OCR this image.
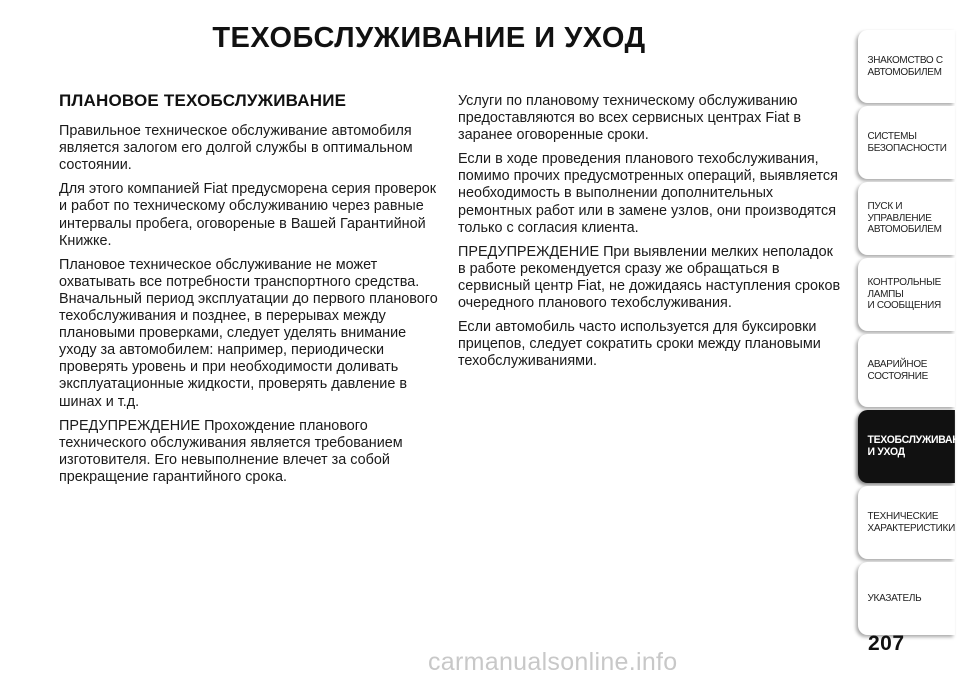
ТЕХОБСЛУЖИВАНИЕ И УХОД
ПЛАНОВОЕ ТЕХОБСЛУЖИВАНИЕ

Правильное техническое обслуживание автомобиля является залогом его долгой службы в оптимальном состоянии.

Для этого компанией Fiat предусморена серия проверок и работ по техническому обслуживанию через равные интервалы пробега, оговореные в Вашей Гарантийной Книжке.

Плановое техническое обслуживание не может охватывать все потребности транспортного средства. Вначальный период эксплуатации до первого планового техобслуживания и позднее, в перерывах между плановыми проверками, следует уделять внимание уходу за автомобилем: например, периодически проверять уровень и при необходимости доливать эксплуатационные жидкости, проверять давление в шинах и т.д.

ПРЕДУПРЕЖДЕНИЕ Прохождение планового технического обслуживания является требованием изготовителя. Его невыполнение влечет за собой прекращение гарантийного срока.

Услуги по плановому техническому обслуживанию предоставляются во всех сервисных центрах Fiat в заранее оговоренные сроки.

Если в ходе проведения планового техобслуживания, помимо прочих предусмотренных операций, выявляется необходимость в выполнении дополнительных ремонтных работ или в замене узлов, они производятся только с согласия клиента.

ПРЕДУПРЕЖДЕНИЕ При выявлении мелких неполадок в работе рекомендуется сразу же обращаться в сервисный центр Fiat, не дожидаясь наступления сроков очередного планового техобслуживания.

Если автомобиль часто используется для буксировки прицепов, следует сократить сроки между плановыми техобслуживаниями.

ЗНАКОМСТВО С
АВТОМОБИЛЕМ
СИСТЕМЫ
БЕЗОПАСНОСТИ
ПУСК И УПРАВЛЕНИЕ
АВТОМОБИЛЕМ
КОНТРОЛЬНЫЕ
ЛАМПЫ
И СООБЩЕНИЯ
АВАРИЙНОЕ
СОСТОЯНИЕ
ТЕХОБСЛУЖИВАНИЕ
И УХОД
ТЕХНИЧЕСКИЕ
ХАРАКТЕРИСТИКИ
УКАЗАТЕЛЬ
207
carmanualsonline.info
